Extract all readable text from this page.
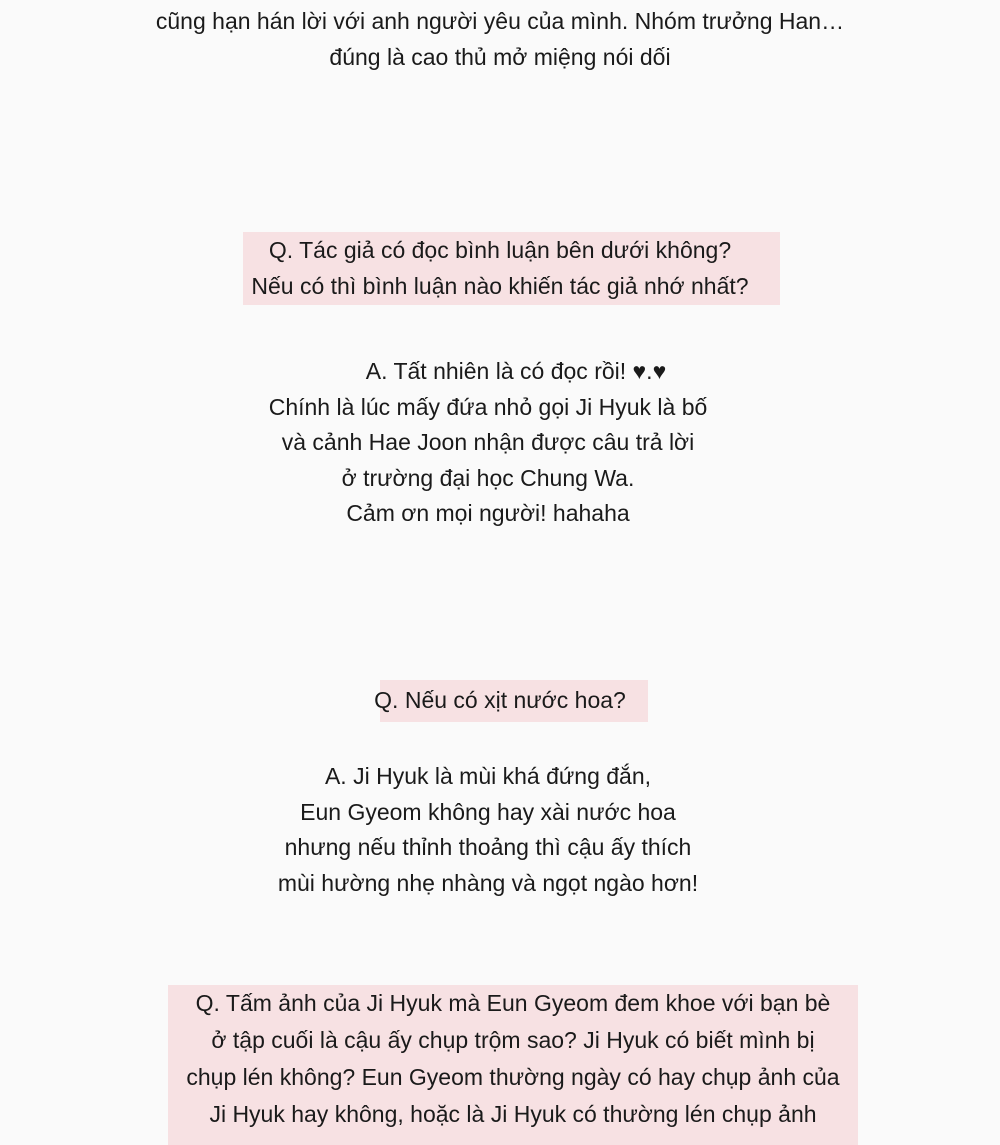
cũng hạn hán lời với anh người yêu của mình. Nhóm trưởng Han…
đúng là cao thủ mở miệng nói dối
Q. Tác giả có đọc bình luận bên dưới không?
Nếu có thì bình luận nào khiến tác giả nhớ nhất?
A. Tất nhiên là có đọc rồi! ♥.♥
Chính là lúc mấy đứa nhỏ gọi Ji Hyuk là bố
và cảnh Hae Joon nhận được câu trả lời
ở trường đại học Chung Wa.
Cảm ơn mọi người! hahaha
Q. Nếu có xịt nước hoa?
A. Ji Hyuk là mùi khá đứng đắn,
Eun Gyeom không hay xài nước hoa
nhưng nếu thỉnh thoảng thì cậu ấy thích
mùi hường nhẹ nhàng và ngọt ngào hơn!
Q. Tấm ảnh của Ji Hyuk mà Eun Gyeom đem khoe với bạn bè
ở tập cuối là cậu ấy chụp trộm sao? Ji Hyuk có biết mình bị
chụp lén không? Eun Gyeom thường ngày có hay chụp ảnh của
Ji Hyuk hay không, hoặc là Ji Hyuk có thường lén chụp ảnh
